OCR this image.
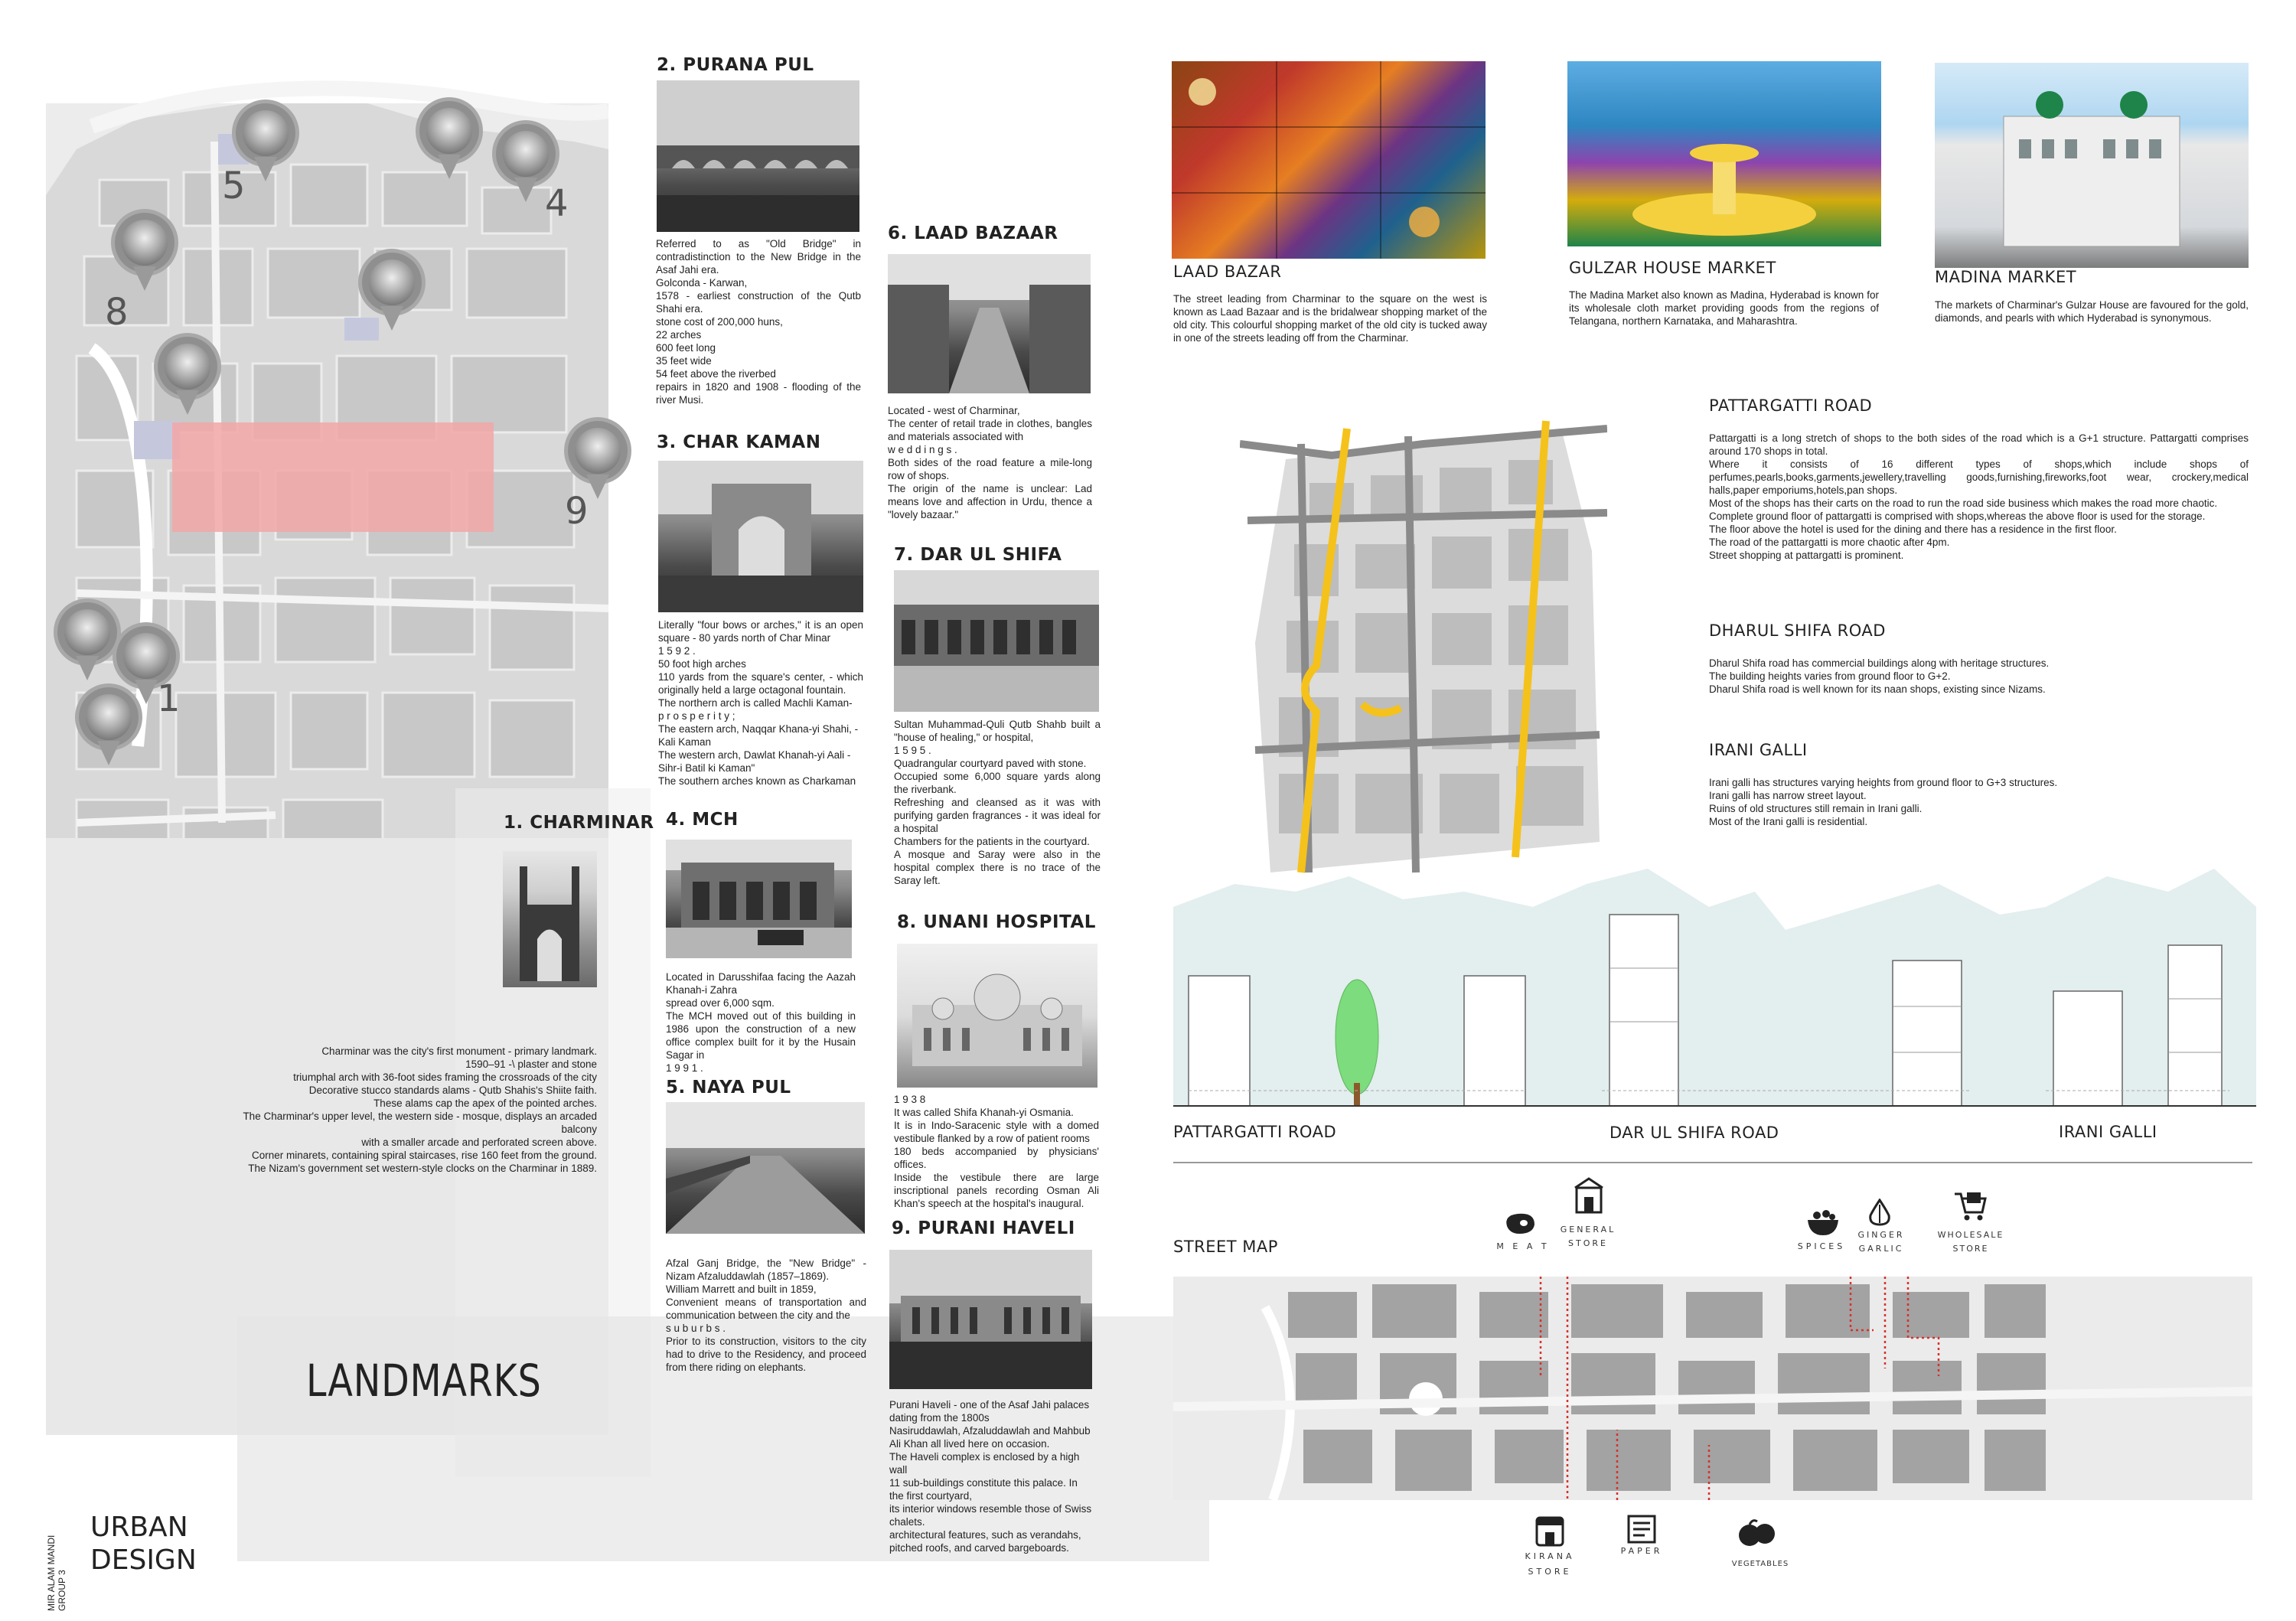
5	4
8
9
1
LANDMARKS
MIR ALAM MANDI
GROUP 3
URBAN
DESIGN
1. CHARMINAR
Charminar was the city's first monument - primary landmark.
1590–91 -\ plaster and stone
triumphal arch with 36-foot sides framing the crossroads of the city
Decorative stucco standards alams - Qutb Shahis's Shiite faith.
These alams cap the apex of the pointed arches.
The Charminar's upper level, the western side - mosque, displays an arcaded balcony
with a smaller arcade and perforated screen above.
Corner minarets, containing spiral staircases, rise 160 feet from the ground.
The Nizam's government set western-style clocks on the Charminar in 1889.
2. PURANA PUL
Referred to as "Old Bridge" in contradistinction to the New Bridge in the Asaf Jahi era.
Golconda - Karwan,
1578 - earliest construction of the Qutb Shahi era.
stone cost of 200,000 huns,
22 arches
600 feet long
35 feet wide
54 feet above the riverbed
repairs in 1820 and 1908 - flooding of the river Musi.
3. CHAR KAMAN
Literally "four bows or arches," it is an open square - 80 yards north of Char Minar
1 5 9 2 .
50 foot high arches
110 yards from the square's center, - which originally held a large octagonal fountain.
The northern arch is called Machli Kaman-
p r o s p e r i t y ;
The eastern arch, Naqqar Khana-yi Shahi, -
Kali Kaman
The western arch, Dawlat Khanah-yi Aali -
Sihr-i Batil ki Kaman"
The southern arches known as Charkaman
4. MCH
Located in Darusshifaa facing the Aazah Khanah-i Zahra
spread over 6,000 sqm.
The MCH moved out of this building in 1986 upon the construction of a new office complex built for it by the Husain Sagar in
1 9 9 1 .
5. NAYA PUL
Afzal Ganj Bridge, the "New Bridge" - Nizam Afzaluddawlah (1857–1869).
William Marrett and built in 1859,
Convenient means of transportation and communication between the city and the
s u b u r b s .
Prior to its construction, visitors to the city had to drive to the Residency, and proceed from there riding on elephants.
6. LAAD BAZAAR
Located - west of Charminar,
The center of retail trade in clothes, bangles and materials associated with
w e d d i n g s .
Both sides of the road feature a mile-long row of shops.
The origin of the name is unclear: Lad means love and affection in Urdu, thence a "lovely bazaar."
7. DAR UL SHIFA
Sultan Muhammad-Quli Qutb Shahb built a "house of healing," or hospital,
1 5 9 5 .
Quadrangular courtyard paved with stone.
Occupied some 6,000 square yards along the riverbank.
Refreshing and cleansed as it was with purifying garden fragrances - it was ideal for a hospital
Chambers for the patients in the courtyard.
A mosque and Saray were also in the hospital complex there is no trace of the Saray left.
8. UNANI HOSPITAL
1 9 3 8
It was called Shifa Khanah-yi Osmania.
It is in Indo-Saracenic style with a domed vestibule flanked by a row of patient rooms
180 beds accompanied by physicians' offices.
Inside the vestibule there are large inscriptional panels recording Osman Ali Khan's speech at the hospital's inaugural.
9. PURANI HAVELI
Purani Haveli - one of the Asaf Jahi palaces dating from the 1800s
Nasiruddawlah, Afzaluddawlah and Mahbub Ali Khan all lived here on occasion.
The Haveli complex is enclosed by a high wall
11 sub-buildings constitute this palace. In the first courtyard,
its interior windows resemble those of Swiss chalets.
architectural features, such as verandahs, pitched roofs, and carved bargeboards.
LAAD BAZAR
The street leading from Charminar to the square on the west is known as Laad Bazaar and is the bridalwear shopping market of the old city. This colourful shopping market of the old city is tucked away in one of the streets leading off from the Charminar.
GULZAR HOUSE MARKET
The Madina Market also known as Madina, Hyderabad is known for its wholesale cloth market providing goods from the regions of Telangana, northern Karnataka, and Maharashtra.
MADINA MARKET
The markets of Charminar's Gulzar House are favoured for the gold, diamonds, and pearls with which Hyderabad is synonymous.
PATTARGATTI ROAD
Pattargatti is a long stretch of shops to the both sides of the road which is a G+1 structure. Pattargatti comprises around 170 shops in total.
Where it consists of 16 different types of shops,which include shops of perfumes,pearls,books,garments,jewellery,travelling goods,furnishing,fireworks,foot wear, crockery,medical halls,paper emporiums,hotels,pan shops.
Most of the shops has their carts on the road to run the road side business which makes the road more chaotic.
Complete ground floor of pattargatti is comprised with shops,whereas the above floor is used for the storage.
The floor above the hotel is used for the dining and there has a residence in the first floor.
The road of the pattargatti is more chaotic after 4pm.
Street shopping at pattargatti is prominent.
DHARUL SHIFA ROAD
Dharul Shifa road has commercial buildings along with heritage structures.
The building heights varies from ground floor to G+2.
Dharul Shifa road is well known for its naan shops, existing since Nizams.
IRANI GALLI
Irani galli has structures varying heights from ground floor to G+3 structures.
Irani galli has narrow street layout.
Ruins of old structures still remain in Irani galli.
Most of the Irani galli is residential.
PATTARGATTI ROAD	DAR UL SHIFA ROAD	IRANI GALLI
STREET MAP	M E A T
GENERAL
STORE	SPICES
GINGER
GARLIC
WHOLESALE
STORE
KIRANA
STORE
PAPER
VEGETABLES
